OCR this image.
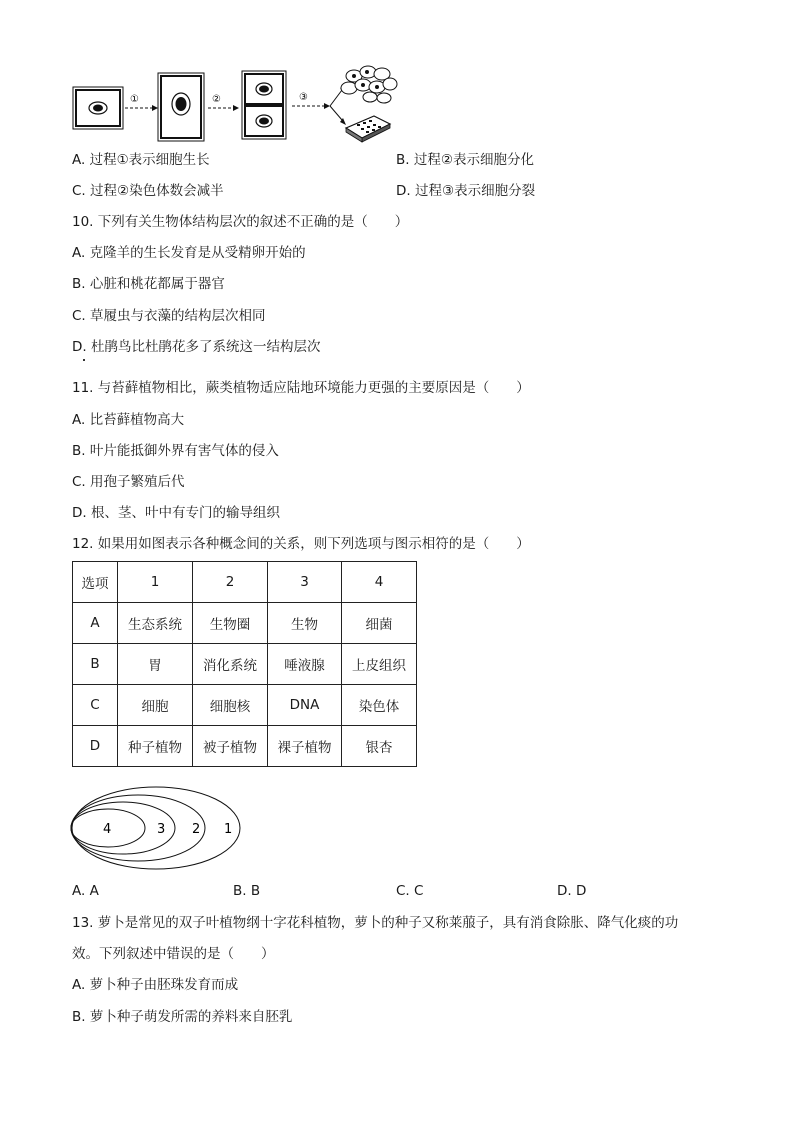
①	②	③
A. 过程①表示细胞生长	B. 过程②表示细胞分化
C. 过程②染色体数会减半	D. 过程③表示细胞分裂
10. 下列有关生物体结构层次的叙述不正确的是（　　）
A. 克隆羊的生长发育是从受精卵开始的
B. 心脏和桃花都属于器官
C. 草履虫与衣藻的结构层次相同
D. 杜鹃鸟比杜鹃花多了系统这一结构层次
11. 与苔藓植物相比，蕨类植物适应陆地环境能力更强的主要原因是（　　）
A. 比苔藓植物高大
B. 叶片能抵御外界有害气体的侵入
C. 用孢子繁殖后代
D. 根、茎、叶中有专门的输导组织
12. 如果用如图表示各种概念间的关系，则下列选项与图示相符的是（　　）
选项	1	2	3	4
A	生态系统	生物圈	生物	细菌
B	胃	消化系统	唾液腺	上皮组织
C	细胞	细胞核	DNA	染色体
D	种子植物	被子植物	裸子植物	银杏
4	3 2 1
A. A	B. B	C. C	D. D
13. 萝卜是常见的双子叶植物纲十字花科植物，萝卜的种子又称莱菔子，具有消食除胀、降气化痰的功
效。下列叙述中错误的是（　　）
A. 萝卜种子由胚珠发育而成
B. 萝卜种子萌发所需的养料来自胚乳
